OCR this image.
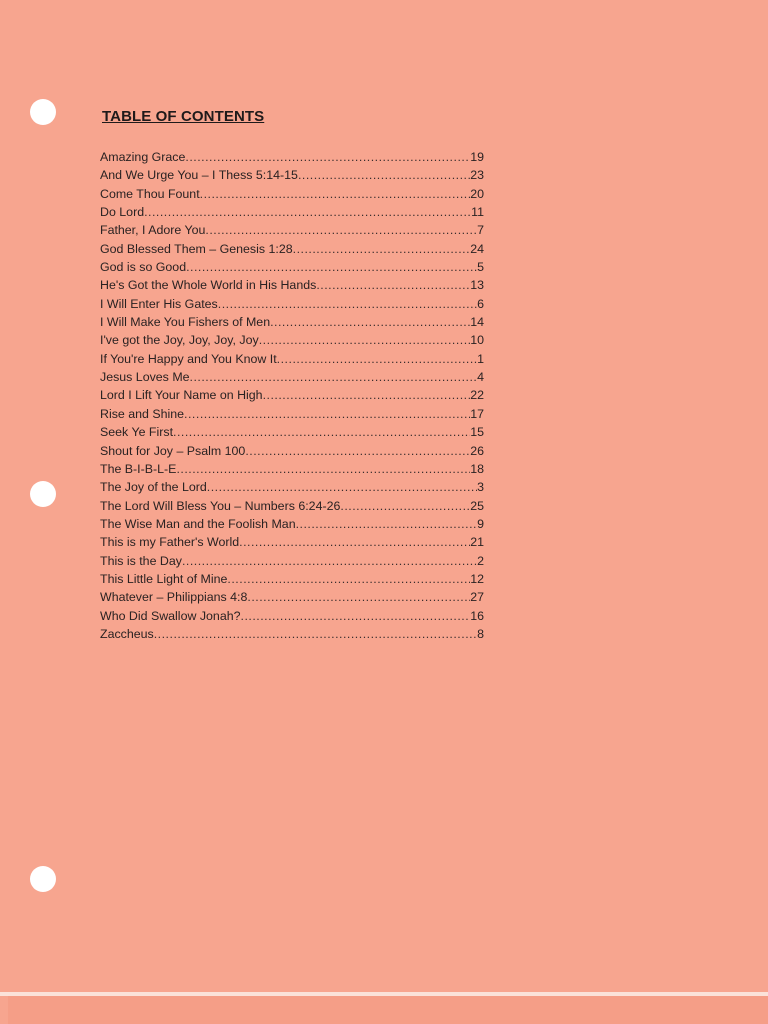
TABLE OF CONTENTS
Amazing Grace .....	19
And We Urge You – I Thess 5:14-15 .....	23
Come Thou Fount .....	20
Do Lord .....	11
Father, I Adore You .....	7
God Blessed Them – Genesis 1:28 .....	24
God is so Good .....	5
He's Got the Whole World in His Hands .....	13
I Will Enter His Gates .....	6
I Will Make You Fishers of Men .....	14
I've got the Joy, Joy, Joy, Joy .....	10
If You're Happy and You Know It .....	1
Jesus Loves Me .....	4
Lord I Lift Your Name on High .....	22
Rise and Shine .....	17
Seek Ye First .....	15
Shout for Joy – Psalm 100 .....	26
The B-I-B-L-E .....	18
The Joy of the Lord .....	3
The Lord Will Bless You – Numbers 6:24-26 .....	25
The Wise Man and the Foolish Man .....	9
This is my Father's World .....	21
This is the Day .....	2
This Little Light of Mine .....	12
Whatever – Philippians 4:8 .....	27
Who Did Swallow Jonah? .....	16
Zaccheus .....	8
